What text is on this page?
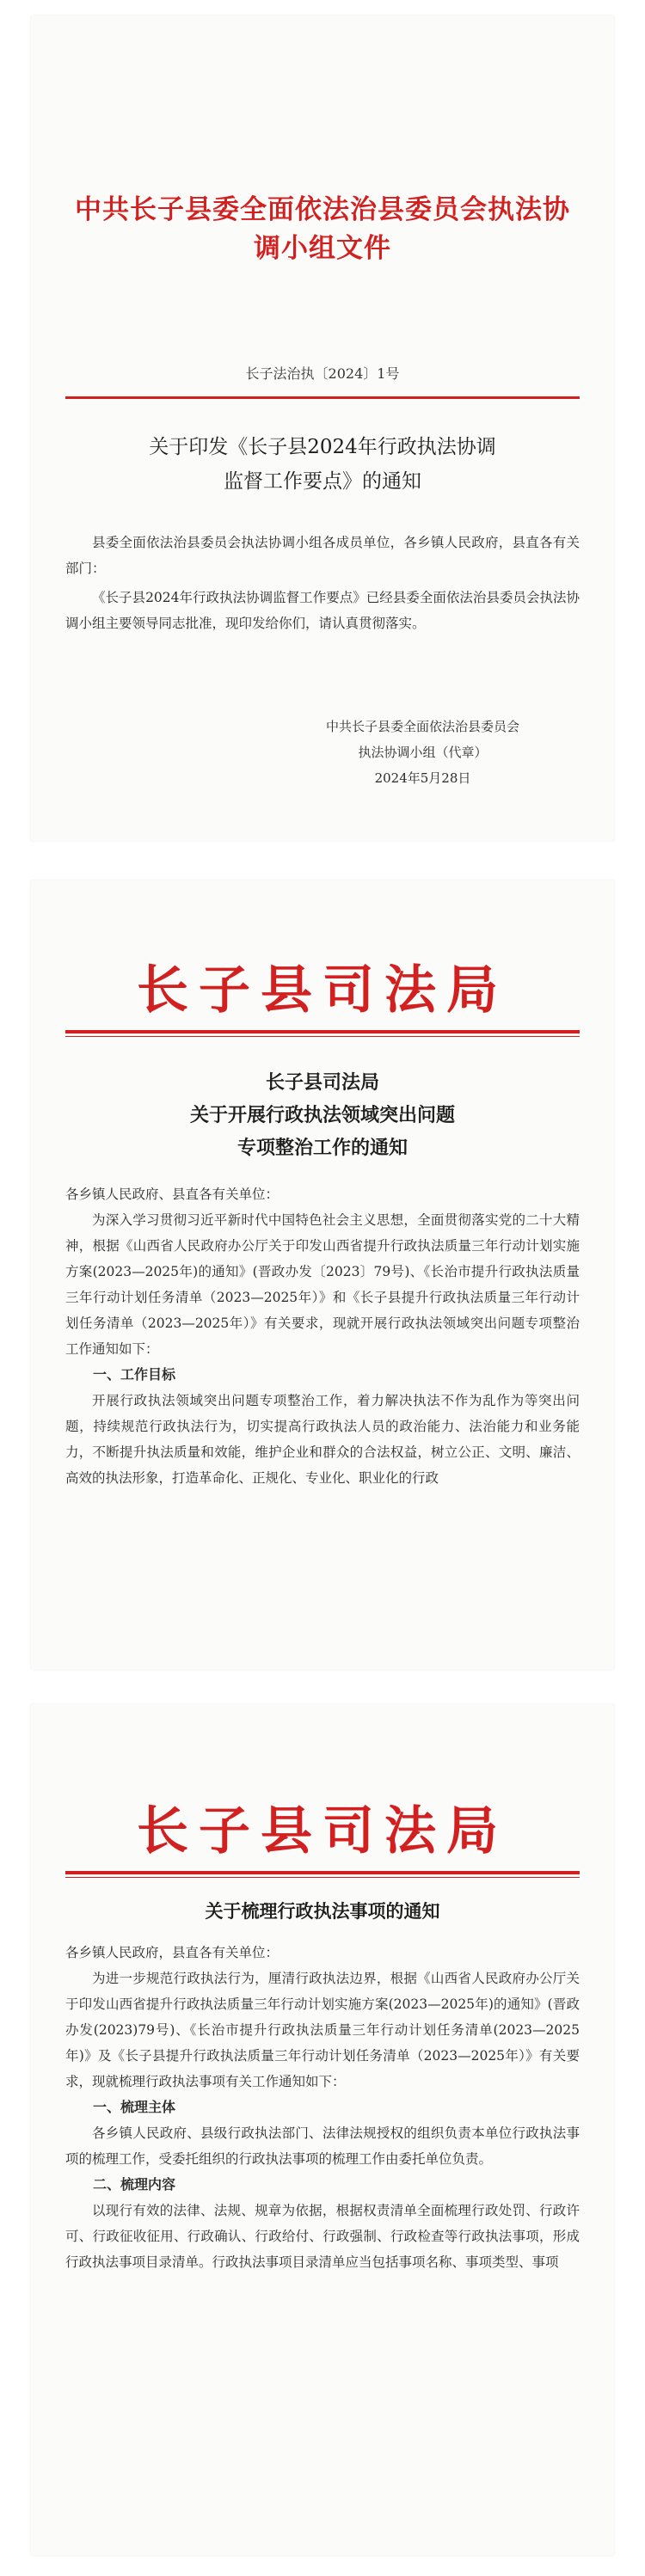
中共长子县委全面依法治县委员会执法协调小组文件
长子法治执〔2024〕1号
关于印发《长子县2024年行政执法协调
监督工作要点》的通知

县委全面依法治县委员会执法协调小组各成员单位，各乡镇人民政府，县直各有关部门：

《长子县2024年行政执法协调监督工作要点》已经县委全面依法治县委员会执法协调小组主要领导同志批准，现印发给你们，请认真贯彻落实。

中共长子县委全面依法治县委员会
执法协调小组（代章）
2024年5月28日
长子县司法局
长子县司法局
关于开展行政执法领域突出问题
专项整治工作的通知

各乡镇人民政府、县直各有关单位：

为深入学习贯彻习近平新时代中国特色社会主义思想，全面贯彻落实党的二十大精神，根据《山西省人民政府办公厅关于印发山西省提升行政执法质量三年行动计划实施方案(2023—2025年)的通知》(晋政办发〔2023〕79号)、《长治市提升行政执法质量三年行动计划任务清单（2023—2025年）》和《长子县提升行政执法质量三年行动计划任务清单（2023—2025年）》有关要求，现就开展行政执法领域突出问题专项整治工作通知如下：

一、工作目标

开展行政执法领域突出问题专项整治工作，着力解决执法不作为乱作为等突出问题，持续规范行政执法行为，切实提高行政执法人员的政治能力、法治能力和业务能力，不断提升执法质量和效能，维护企业和群众的合法权益，树立公正、文明、廉洁、高效的执法形象，打造革命化、正规化、专业化、职业化的行政

长子县司法局
关于梳理行政执法事项的通知

各乡镇人民政府，县直各有关单位：

为进一步规范行政执法行为，厘清行政执法边界，根据《山西省人民政府办公厅关于印发山西省提升行政执法质量三年行动计划实施方案(2023—2025年)的通知》(晋政办发(2023)79号)、《长治市提升行政执法质量三年行动计划任务清单(2023—2025年)》及《长子县提升行政执法质量三年行动计划任务清单（2023—2025年）》有关要求，现就梳理行政执法事项有关工作通知如下：

一、梳理主体

各乡镇人民政府、县级行政执法部门、法律法规授权的组织负责本单位行政执法事项的梳理工作，受委托组织的行政执法事项的梳理工作由委托单位负责。

二、梳理内容

以现行有效的法律、法规、规章为依据，根据权责清单全面梳理行政处罚、行政许可、行政征收征用、行政确认、行政给付、行政强制、行政检查等行政执法事项，形成行政执法事项目录清单。行政执法事项目录清单应当包括事项名称、事项类型、事项
